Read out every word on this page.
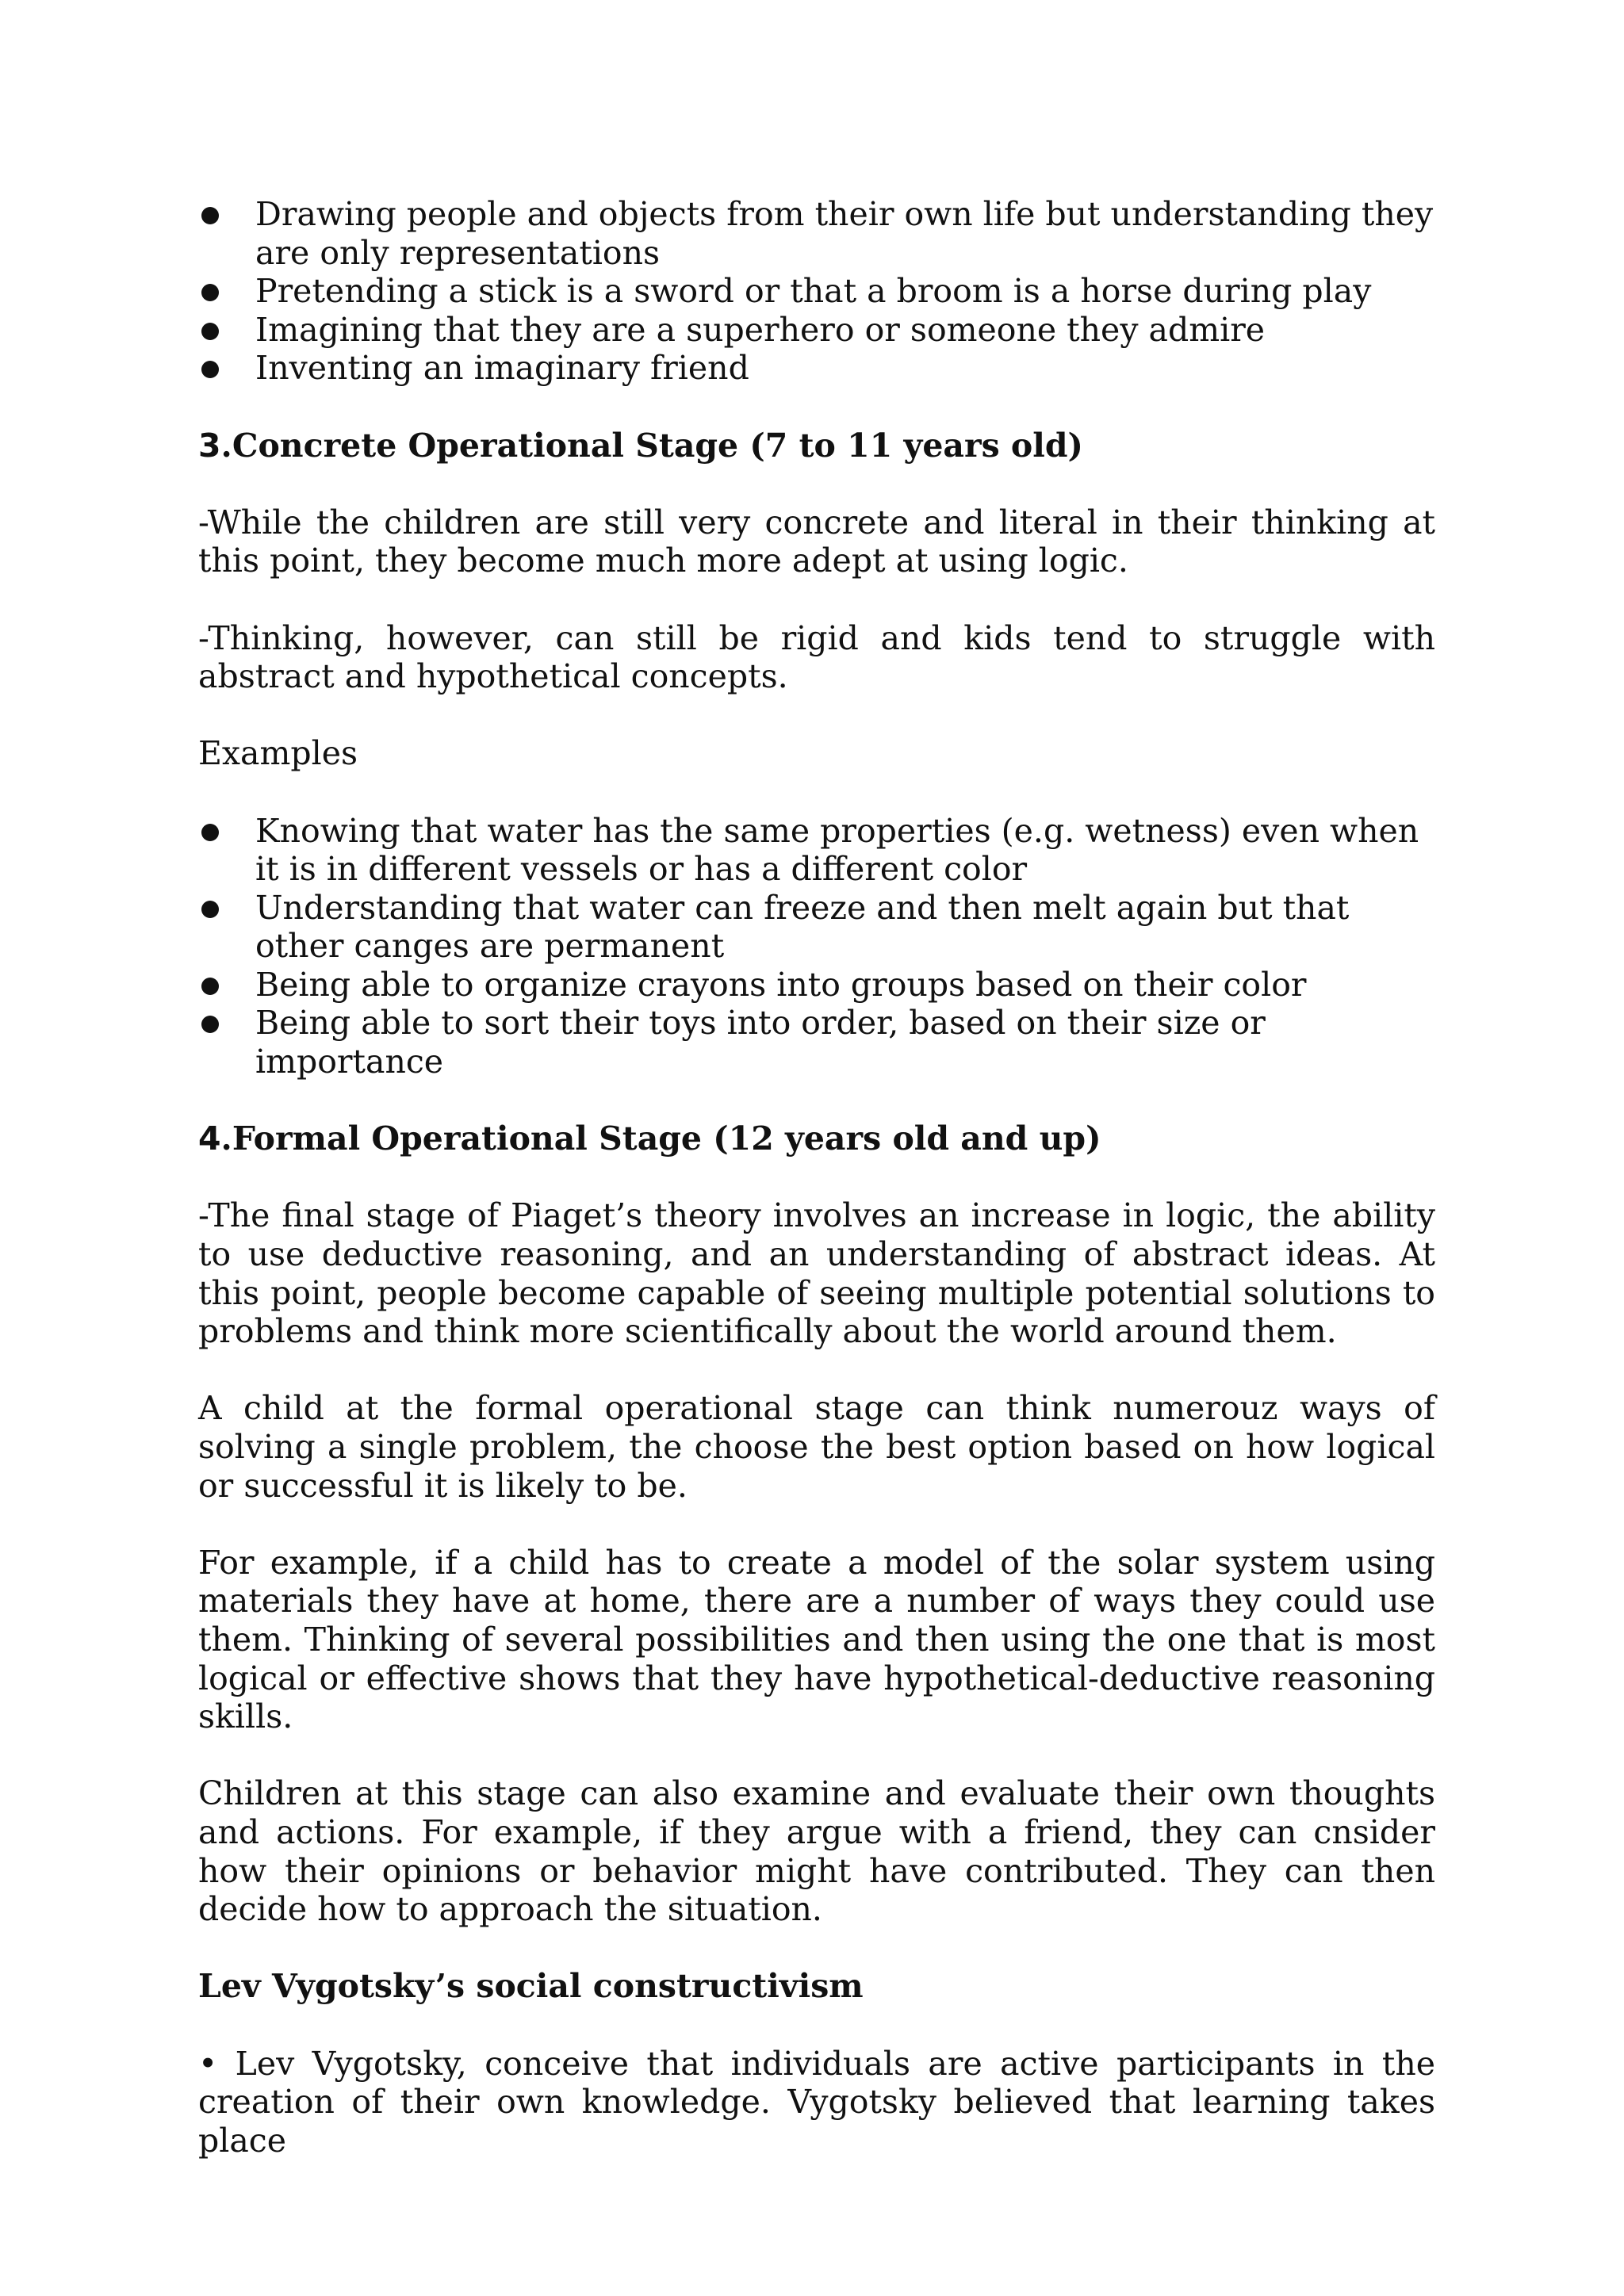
Drawing people and objects from their own life but understanding they are only representations
Pretending a stick is a sword or that a broom is a horse during play
Imagining that they are a superhero or someone they admire
Inventing an imaginary friend
3.Concrete Operational Stage (7 to 11 years old)

-While the children are still very concrete and literal in their thinking at this point, they become much more adept at using logic.

-Thinking, however, can still be rigid and kids tend to struggle with abstract and hypothetical concepts.

Examples

Knowing that water has the same properties (e.g. wetness) even when it is in different vessels or has a different color
Understanding that water can freeze and then melt again but that other canges are permanent
Being able to organize crayons into groups based on their color
Being able to sort their toys into order, based on their size or importance
4.Formal Operational Stage (12 years old and up)

-The final stage of Piaget’s theory involves an increase in logic, the ability to use deductive reasoning, and an understanding of abstract ideas. At this point, people become capable of seeing multiple potential solutions to problems and think more scientifically about the world around them.

A child at the formal operational stage can think numerouz ways of solving a single problem, the choose the best option based on how logical or successful it is likely to be.

For example, if a child has to create a model of the solar system using materials they have at home, there are a number of ways they could use them. Thinking of several possibilities and then using the one that is most logical or effective shows that they have hypothetical-deductive reasoning skills.

Children at this stage can also examine and evaluate their own thoughts and actions. For example, if they argue with a friend, they can cnsider how their opinions or behavior might have contributed. They can then decide how to approach the situation.

Lev Vygotsky’s social constructivism

• Lev Vygotsky, conceive that individuals are active participants in the creation of their own knowledge. Vygotsky believed that learning takes place
